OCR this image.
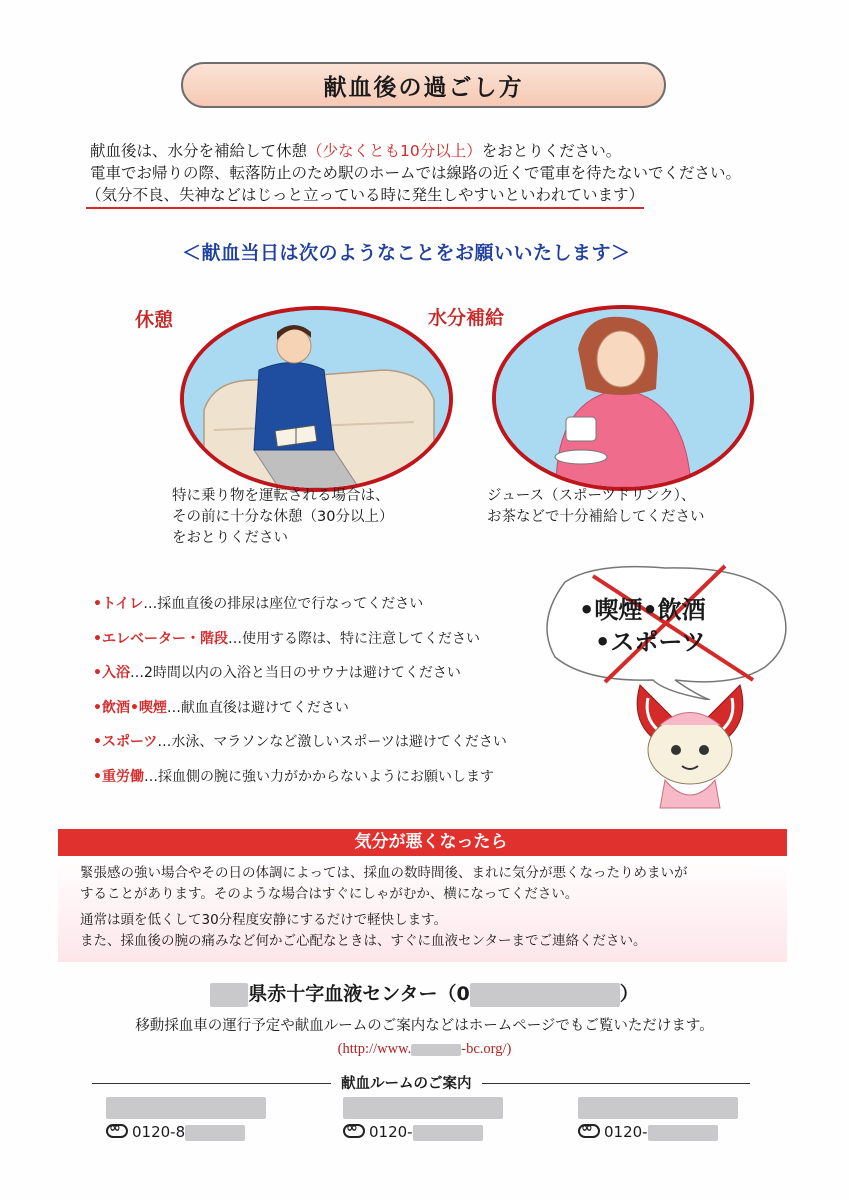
献血後の過ごし方
献血後は、水分を補給して休憩（少なくとも10分以上）をおとりください。
電車でお帰りの際、転落防止のため駅のホームでは線路の近くで電車を待たないでください。
（気分不良、失神などはじっと立っている時に発生しやすいといわれています）
＜献血当日は次のようなことをお願いいたします＞
休憩
特に乗り物を運転される場合は、
その前に十分な休憩（30分以上）
をおとりください
水分補給
ジュース（スポーツドリンク）、
お茶などで十分補給してください
•トイレ…採血直後の排尿は座位で行なってください
•エレベーター・階段…使用する際は、特に注意してください
•入浴…2時間以内の入浴と当日のサウナは避けてください
•飲酒•喫煙…献血直後は避けてください
•スポーツ…水泳、マラソンなど激しいスポーツは避けてください
•重労働…採血側の腕に強い力がかからないようにお願いします
•喫煙•飲酒
•スポーツ
気分が悪くなったら
緊張感の強い場合やその日の体調によっては、採血の数時間後、まれに気分が悪くなったりめまいが
することがあります。そのような場合はすぐにしゃがむか、横になってください。
通常は頭を低くして30分程度安静にするだけで軽快します。
また、採血後の腕の痛みなど何かご心配なときは、すぐに血液センターまでご連絡ください。
県赤十字血液センター（0	）
移動採血車の運行予定や献血ルームのご案内などはホームページでもご覧いただけます。
(http://www.	-bc.org/)
献血ルームのご案内
∞0120-8 ∞	0120- ∞	0120-
